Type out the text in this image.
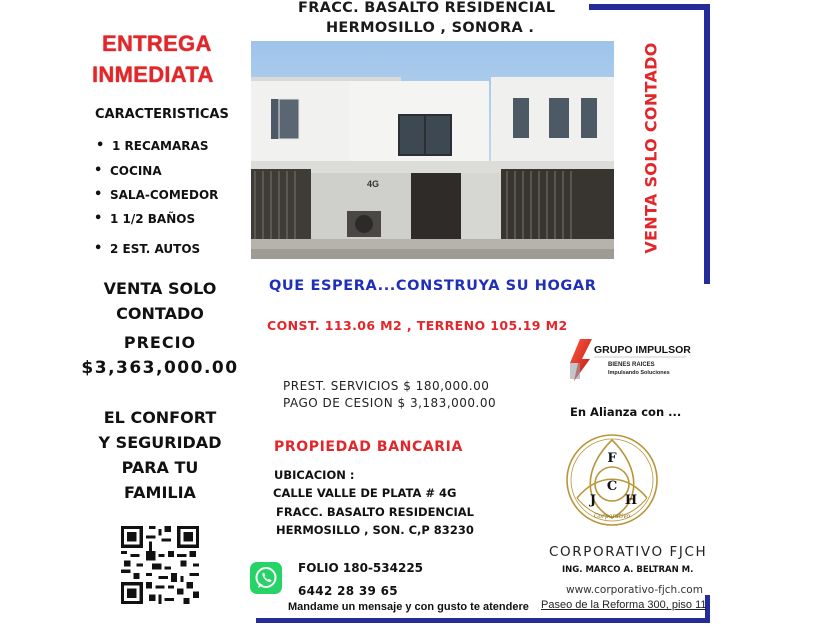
FRACC. BASALTO RESIDENCIAL
HERMOSILLO , SONORA .
4G
ENTREGA
INMEDIATA
CARACTERISTICAS
• 1 RECAMARAS
• COCINA
• SALA-COMEDOR
• 1 1/2 BAÑOS
• 2 EST. AUTOS
VENTA SOLO
CONTADO
PRECIO
$3,363,000.00
EL CONFORT
Y SEGURIDAD
PARA TU
FAMILIA
QUE ESPERA...CONSTRUYA SU HOGAR
CONST. 113.06 M2 , TERRENO 105.19 M2
PREST. SERVICIOS $ 180,000.00
PAGO DE CESION $ 3,183,000.00
PROPIEDAD BANCARIA
UBICACION :
CALLE VALLE DE PLATA # 4G
FRACC. BASALTO RESIDENCIAL
HERMOSILLO , SON. C,P 83230
FOLIO 180-534225
6442 28 39 65
Mandame un mensaje y con gusto te atendere
VENTA SOLO CONTADO
GRUPO IMPULSOR
BIENES RAICES
Impulsando Soluciones
En Alianza con ...
F
J
C
H
Corporativo
CORPORATIVO FJCH
ING. MARCO A. BELTRAN M.
www.corporativo-fjch.com
Paseo de la Reforma 300, piso 11
